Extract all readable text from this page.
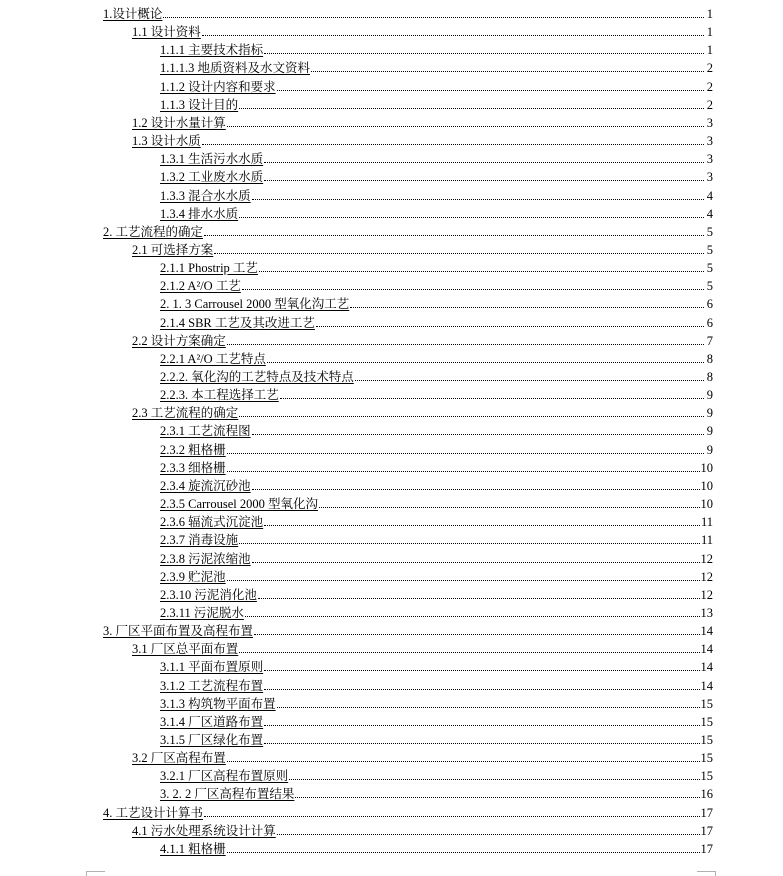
1.设计概论	1
1.1 设计资料	1
1.1.1 主要技术指标	1
1.1.1.3 地质资料及水文资料	2
1.1.2 设计内容和要求	2
1.1.3 设计目的	2
1.2 设计水量计算	3
1.3 设计水质	3
1.3.1 生活污水水质	3
1.3.2 工业废水水质	3
1.3.3 混合水水质	4
1.3.4 排水水质	4
2. 工艺流程的确定	5
2.1 可选择方案	5
2.1.1 Phostrip 工艺	5
2.1.2 A²/O 工艺	5
2. 1. 3 Carrousel 2000 型氧化沟工艺	6
2.1.4 SBR 工艺及其改进工艺	6
2.2 设计方案确定	7
2.2.1 A²/O 工艺特点	8
2.2.2. 氧化沟的工艺特点及技术特点	8
2.2.3. 本工程选择工艺	9
2.3 工艺流程的确定	9
2.3.1 工艺流程图	9
2.3.2 粗格栅	9
2.3.3 细格栅	10
2.3.4 旋流沉砂池	10
2.3.5 Carrousel 2000 型氧化沟	10
2.3.6 辐流式沉淀池	11
2.3.7 消毒设施	11
2.3.8 污泥浓缩池	12
2.3.9 贮泥池	12
2.3.10 污泥消化池	12
2.3.11 污泥脱水	13
3. 厂区平面布置及高程布置	14
3.1 厂区总平面布置	14
3.1.1 平面布置原则	14
3.1.2 工艺流程布置	14
3.1.3 构筑物平面布置	15
3.1.4 厂区道路布置	15
3.1.5 厂区绿化布置	15
3.2 厂区高程布置	15
3.2.1 厂区高程布置原则	15
3. 2. 2 厂区高程布置结果	16
4. 工艺设计计算书	17
4.1 污水处理系统设计计算	17
4.1.1 粗格栅	17
